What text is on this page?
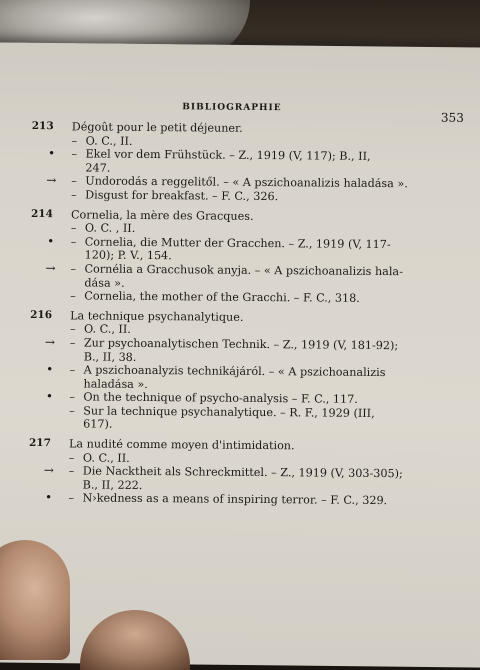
BIBLIOGRAPHIE
353
213	Dégoût pour le petit déjeuner.
– O. C., II.
•	– Ekel vor dem Frühstück. – Z., 1919 (V, 117); B., II,
247.
→	– Undorodás a reggelitől. – « A pszichoanalizis haladása ».
– Disgust for breakfast. – F. C., 326.
214	Cornelia, la mère des Gracques.
– O. C. , II.
•	– Cornelia, die Mutter der Gracchen. – Z., 1919 (V, 117-
120); P. V., 154.
→	– Cornélia a Gracchusok anyja. – « A pszichoanalizis hala-
dása ».
– Cornelia, the mother of the Gracchi. – F. C., 318.
216	La technique psychanalytique.
– O. C., II.
→	– Zur psychoanalytischen Technik. – Z., 1919 (V, 181-92);
B., II, 38.
•	– A pszichoanalyzis technikájáról. – « A pszichoanalizis
haladása ».
•	– On the technique of psycho-analysis – F. C., 117.
– Sur la technique psychanalytique. – R. F., 1929 (III,
617).
217	La nudité comme moyen d'intimidation.
– O. C., II.
→	– Die Nacktheit als Schreckmittel. – Z., 1919 (V, 303-305);
B., II, 222.
•	– N›kedness as a means of inspiring terror. – F. C., 329.
